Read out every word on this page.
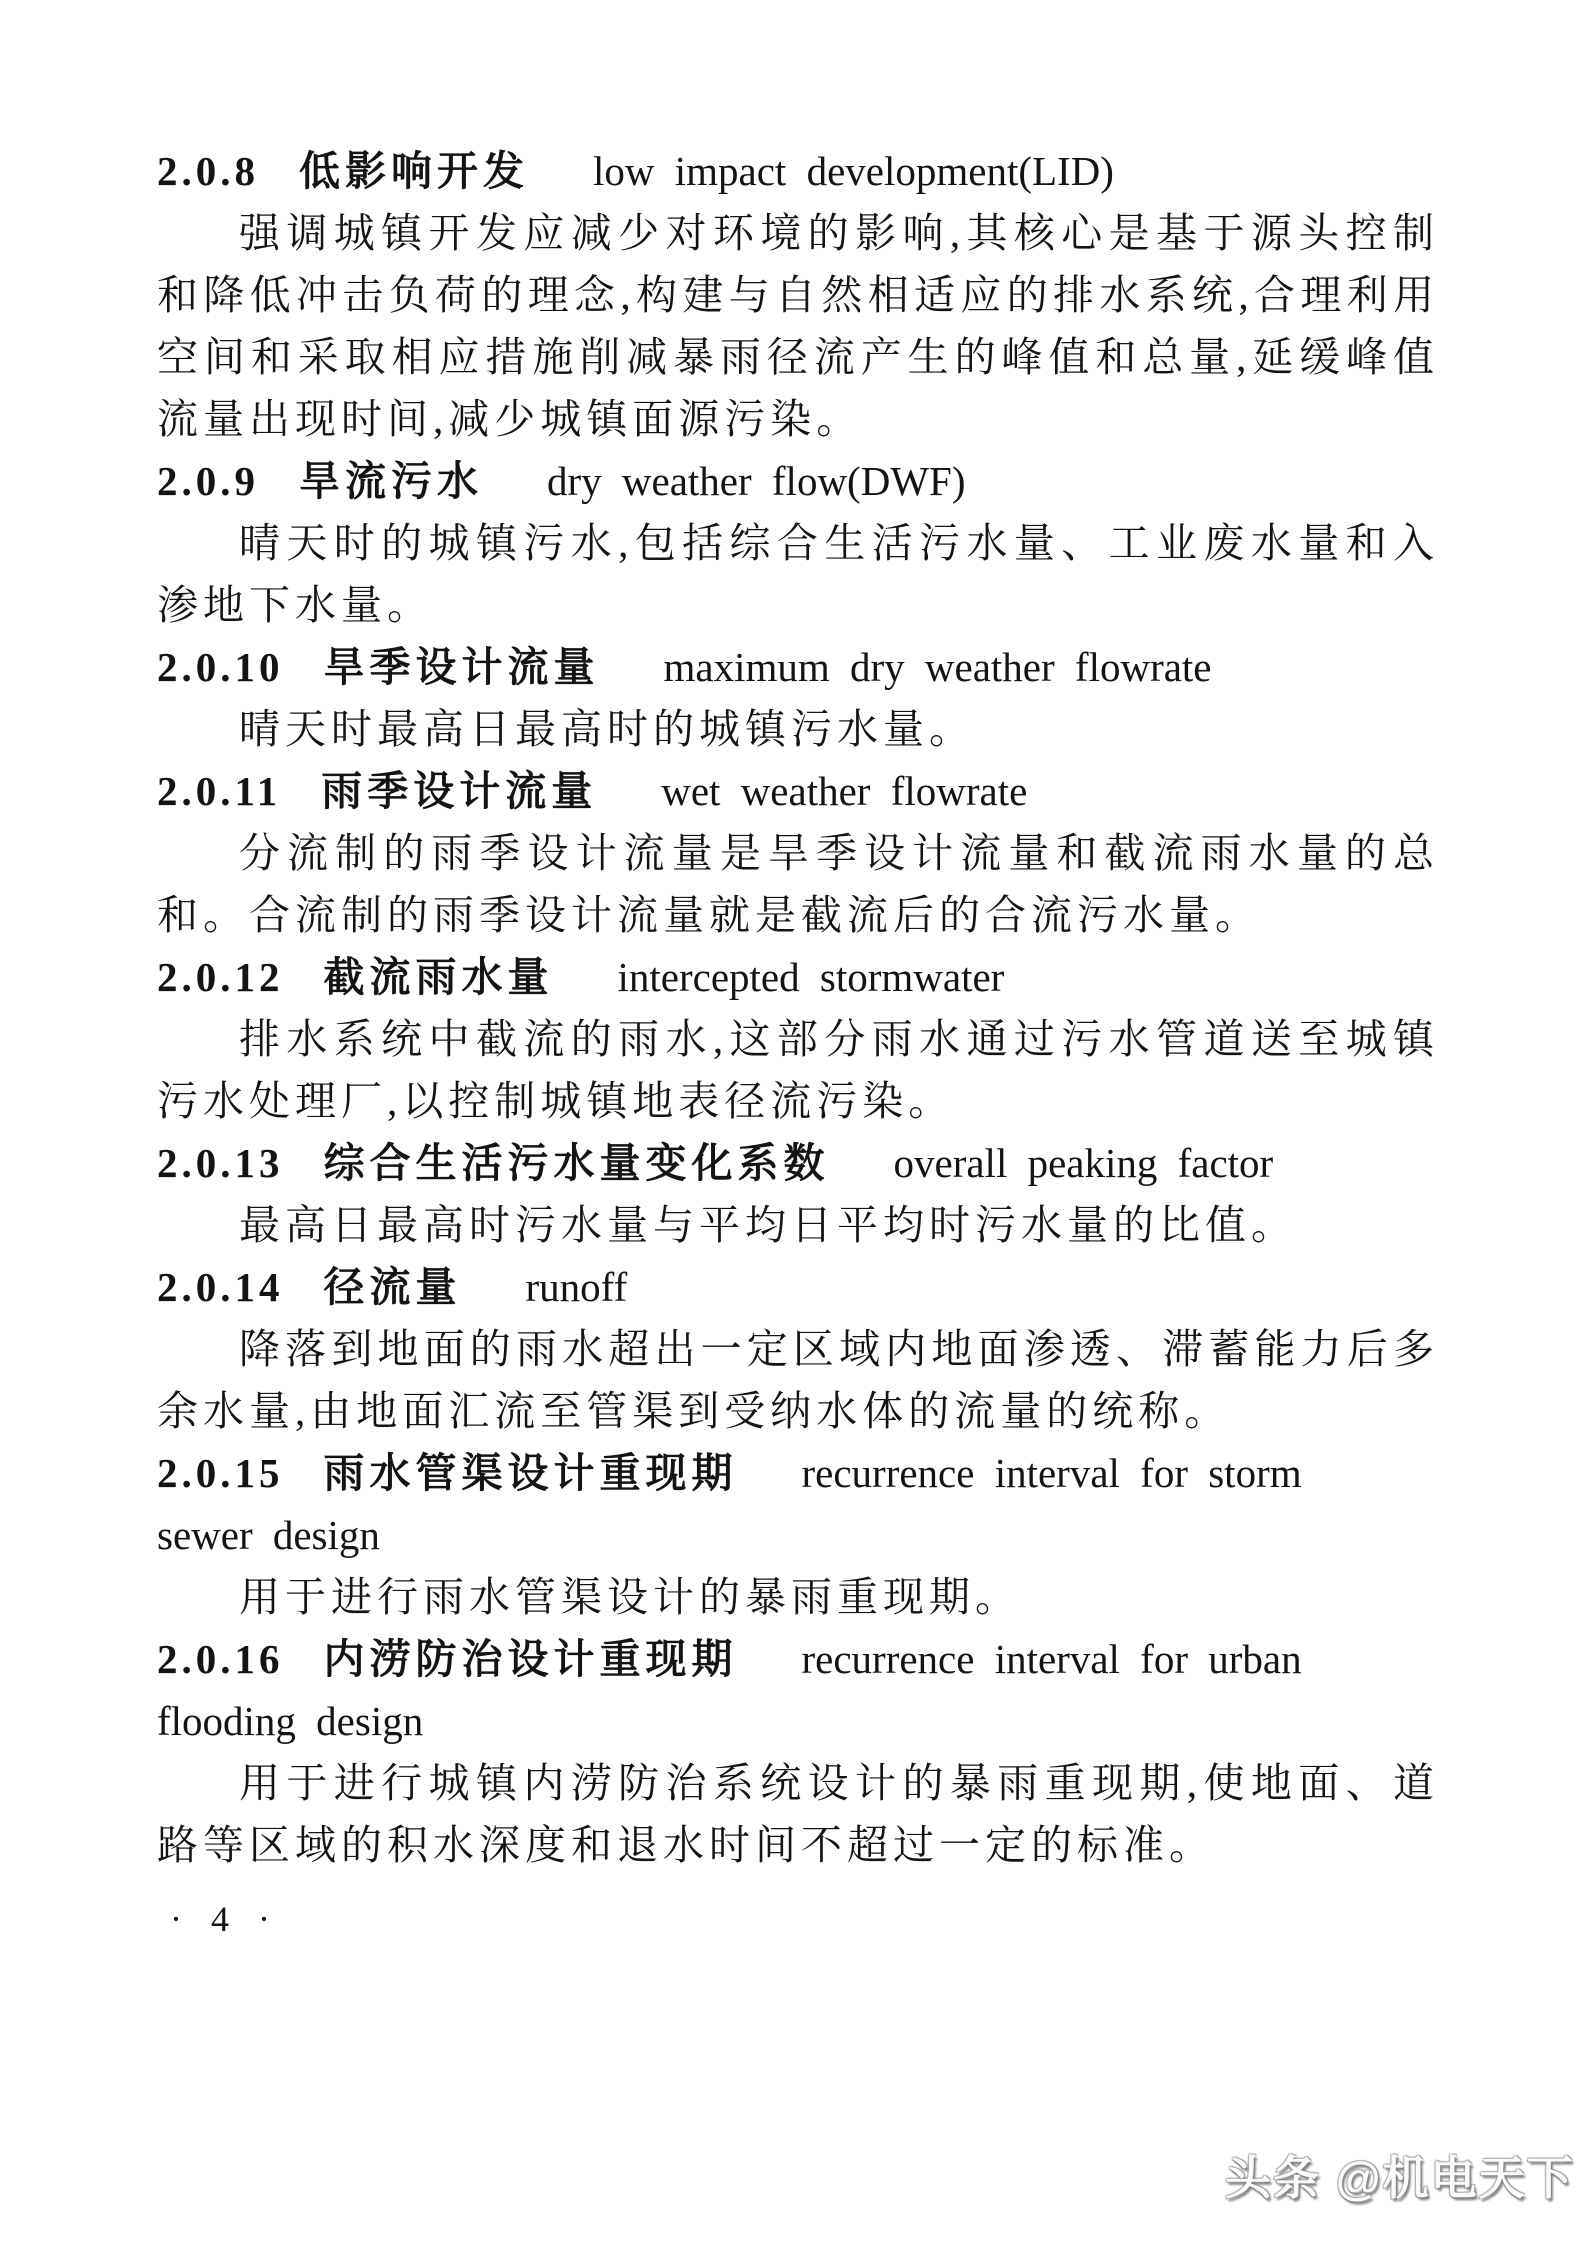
2.0.8 低影响开发 low impact development(LID)

强调城镇开发应减少对环境的影响,其核心是基于源头控制和降低冲击负荷的理念,构建与自然相适应的排水系统,合理利用空间和采取相应措施削减暴雨径流产生的峰值和总量,延缓峰值流量出现时间,减少城镇面源污染。

2.0.9 旱流污水 dry weather flow(DWF)

晴天时的城镇污水,包括综合生活污水量、工业废水量和入渗地下水量。

2.0.10 旱季设计流量 maximum dry weather flowrate

晴天时最高日最高时的城镇污水量。

2.0.11 雨季设计流量 wet weather flowrate

分流制的雨季设计流量是旱季设计流量和截流雨水量的总和。合流制的雨季设计流量就是截流后的合流污水量。

2.0.12 截流雨水量 intercepted stormwater

排水系统中截流的雨水,这部分雨水通过污水管道送至城镇污水处理厂,以控制城镇地表径流污染。

2.0.13 综合生活污水量变化系数 overall peaking factor

最高日最高时污水量与平均日平均时污水量的比值。

2.0.14 径流量 runoff

降落到地面的雨水超出一定区域内地面渗透、滞蓄能力后多余水量,由地面汇流至管渠到受纳水体的流量的统称。

2.0.15 雨水管渠设计重现期 recurrence interval for storm

sewer design

用于进行雨水管渠设计的暴雨重现期。

2.0.16 内涝防治设计重现期 recurrence interval for urban

flooding design

用于进行城镇内涝防治系统设计的暴雨重现期,使地面、道路等区域的积水深度和退水时间不超过一定的标准。

· 4 ·
头条 @机电天下
